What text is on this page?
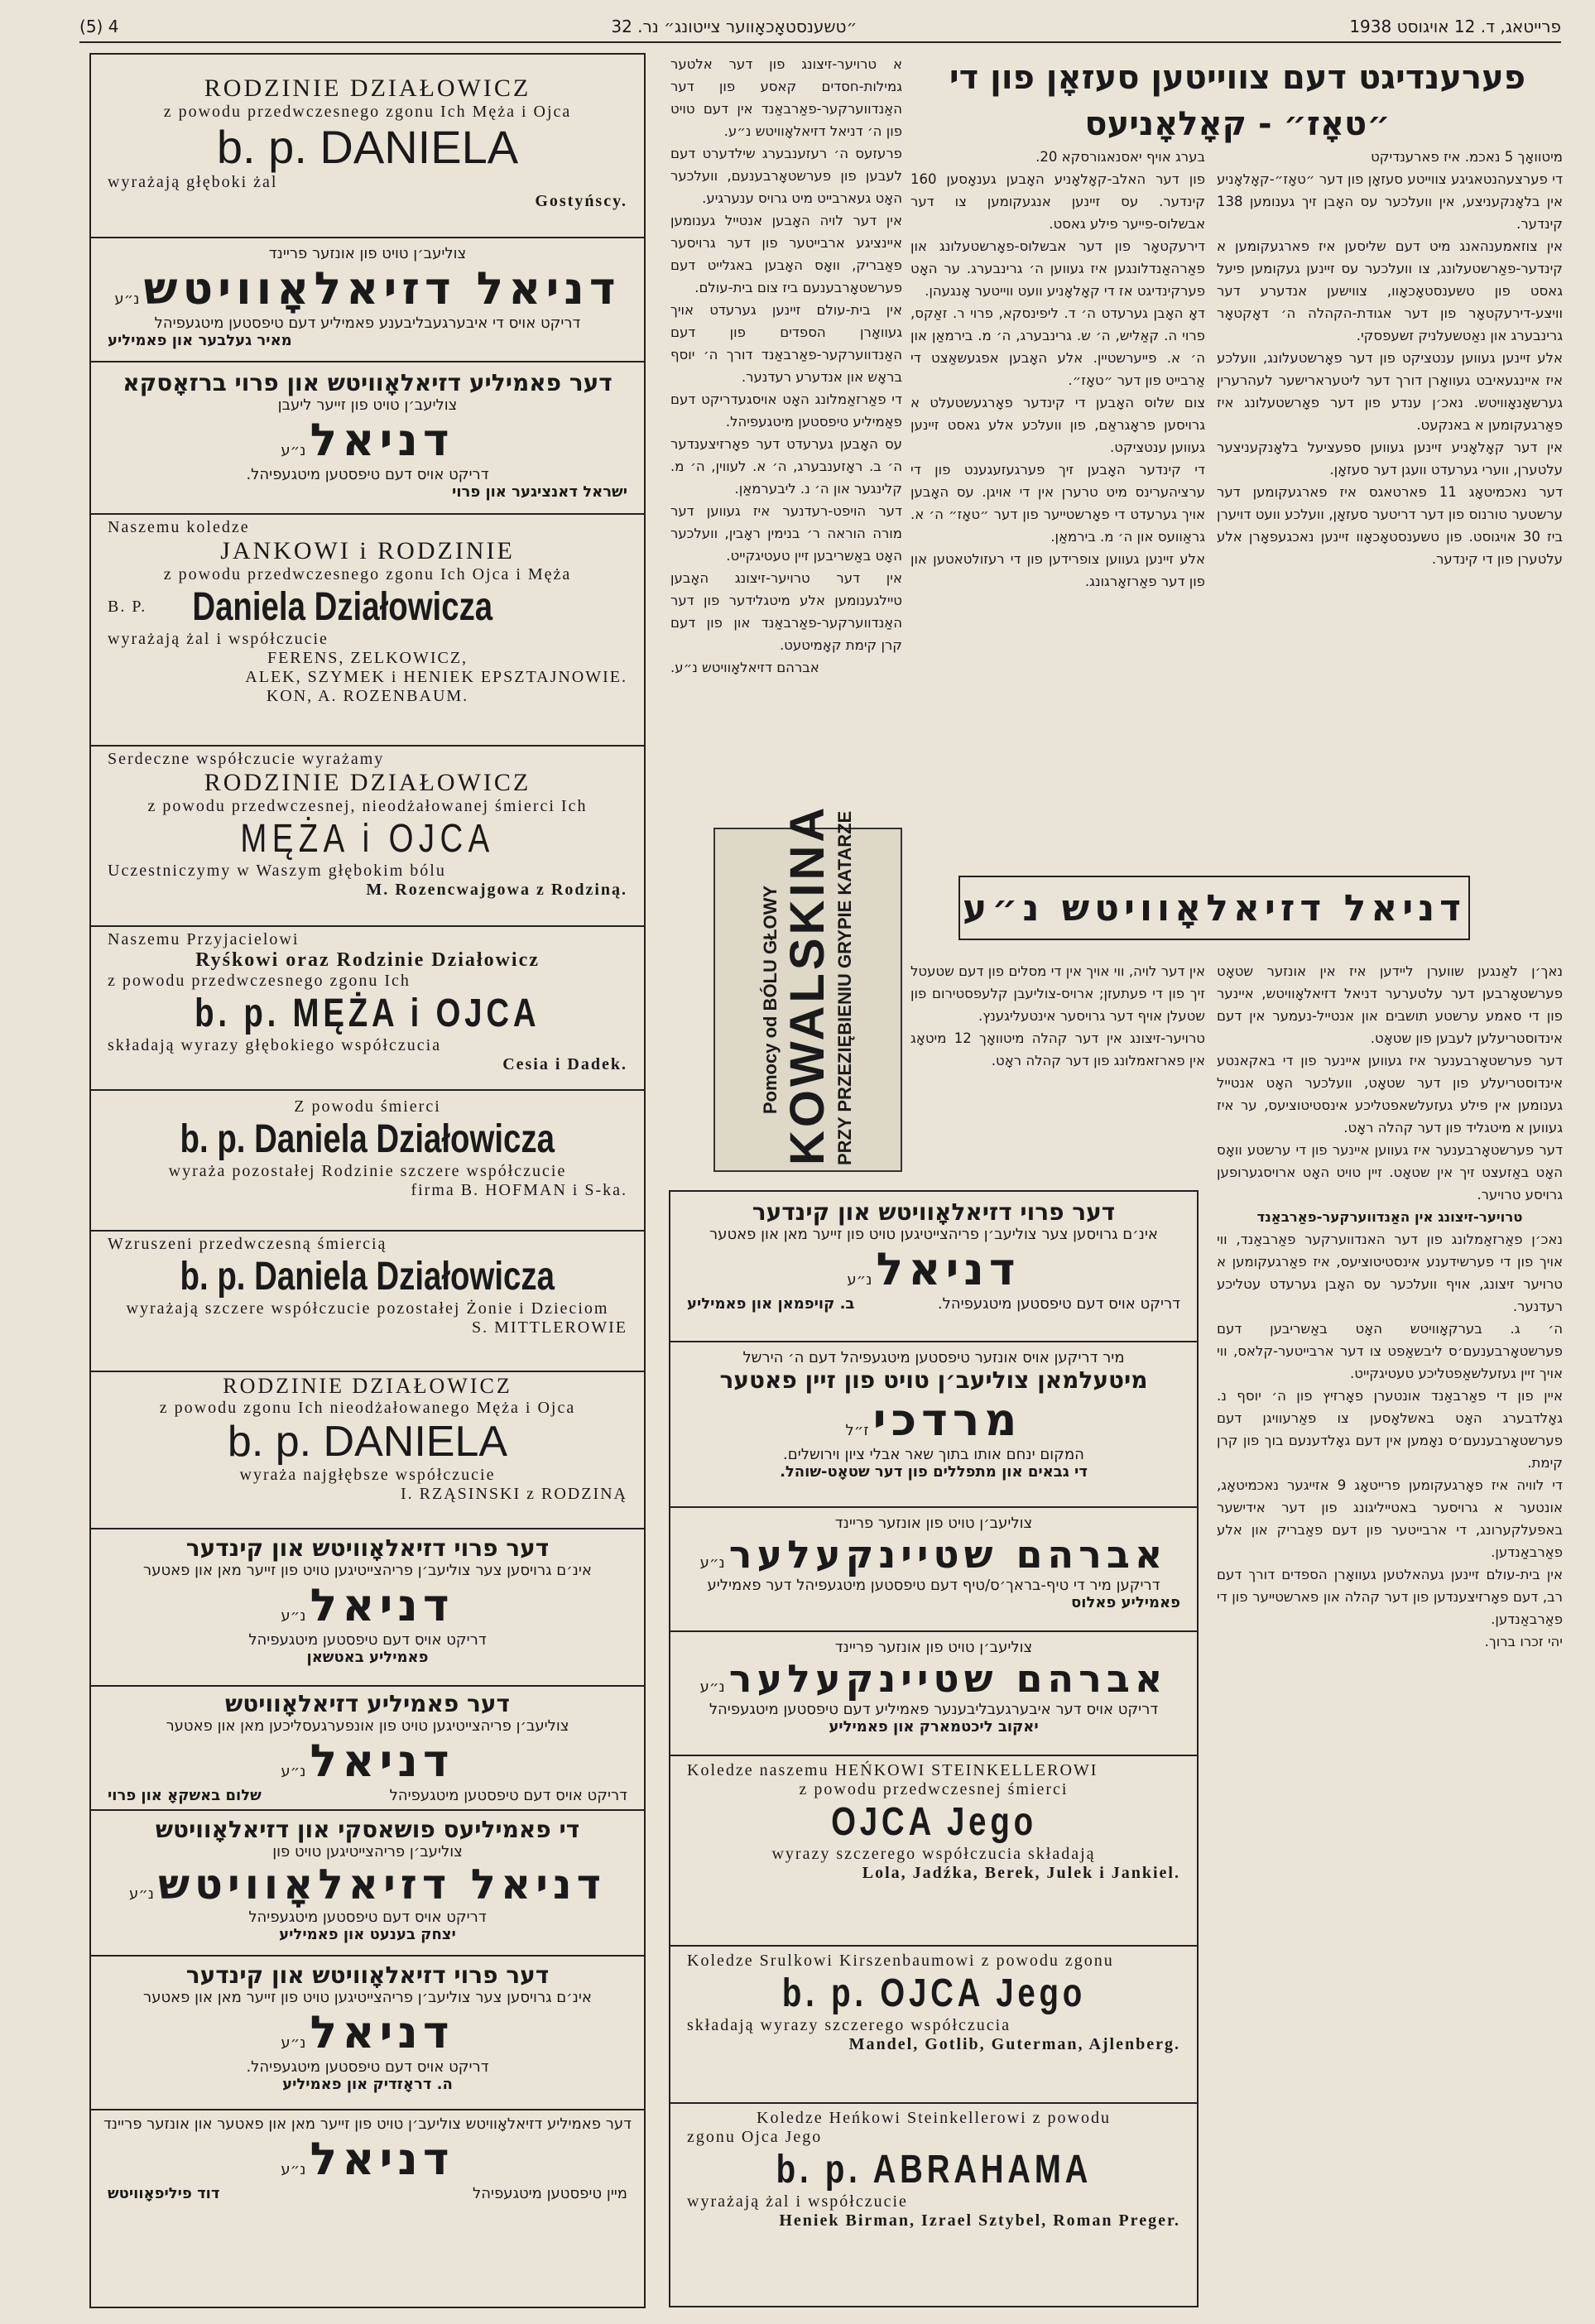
פרייטאג, ד. 12 אויגוסט 1938
״טשענסטאָכאָווער צייטונג״ נר. 32
(5) 4
RODZINIE DZIAŁOWICZ
z powodu przedwczesnego zgonu Ich Męża i Ojca
b. p. DANIELA
wyrażają głęboki żal
Gostyńscy.
צוליעב׳ן טויט פון אונזער פריינד
דניאל דזיאלאָוויטש נ״ע
דריקט אויס די איבערגעבליבענע פאמיליע דעם טיפסטען מיטגעפיהל
מאיר געלבער און פאמיליע
דער פאמיליע דזיאלאָוויטש און פרוי ברזאָסקא
צוליעב׳ן טויט פון זייער ליעבן
דניאל נ״ע
דריקט אויס דעם טיפסטען מיטגעפיהל.
ישראל דאנציגער און פרוי
Naszemu koledze
JANKOWI i RODZINIE
z powodu przedwczesnego zgonu Ich Ojca i Męża
B. P. Daniela Działowicza
wyrażają żal i współczucie
FERENS, ZELKOWICZ,
ALEK, SZYMEK i HENIEK EPSZTAJNOWIE.
KON, A. ROZENBAUM.
Serdeczne współczucie wyrażamy
RODZINIE DZIAŁOWICZ
z powodu przedwczesnej, nieodżałowanej śmierci Ich
MĘŻA i OJCA
Uczestniczymy w Waszym głębokim bólu
M. Rozencwajgowa z Rodziną.
Naszemu Przyjacielowi
Ryśkowi oraz Rodzinie Działowicz
z powodu przedwczesnego zgonu Ich
b. p. MĘŻA i OJCA
składają wyrazy głębokiego współczucia
Cesia i Dadek.
Z powodu śmierci
b. p. Daniela Działowicza
wyraża pozostałej Rodzinie szczere współczucie
firma B. HOFMAN i S-ka.
Wzruszeni przedwczesną śmiercią
b. p. Daniela Działowicza
wyrażają szczere współczucie pozostałej Żonie i Dzieciom
S. MITTLEROWIE
RODZINIE DZIAŁOWICZ
z powodu zgonu Ich nieodżałowanego Męża i Ojca
b. p. DANIELA
wyraża najgłębsze współczucie
I. RZĄSINSKI z RODZINĄ
דער פרוי דזיאלאָוויטש און קינדער
אינ׳ם גרויסען צער צוליעב׳ן פריהצייטיגען טויט פון זייער מאן און פאטער
דניאל נ״ע
דריקט אויס דעם טיפסטען מיטגעפיהל
פאמיליע באטשאן
דער פאמיליע דזיאלאָוויטש
צוליעב׳ן פריהצייטיגען טויט פון אונפערגעסליכען מאן און פאטער
דניאל נ״ע
דריקט אויס דעם טיפסטען מיטגעפיהל
שלום באשקאָ און פרוי
די פאמיליעס פושאסקי און דזיאלאָוויטש
צוליעב׳ן פריהצייטיגען טויט פון
דניאל דזיאלאָוויטש נ״ע
דריקט אויס דעם טיפסטען מיטגעפיהל
יצחק בענעט און פאמיליע
דער פרוי דזיאלאָוויטש און קינדער
אינ׳ם גרויסען צער צוליעב׳ן פריהצייטיגען טויט פון זייער מאן און פאטער
דניאל נ״ע
דריקט אויס דעם טיפסטען מיטגעפיהל.
ה. דראָזדיק און פאמיליע
דער פאמיליע דזיאלאָוויטש צוליעב׳ן טויט פון זייער מאן און פאטער און אונזער פריינד
דניאל נ״ע
מיין טיפסטען מיטגעפיהל
דוד פיליפאָוויטש
פערענדיגט דעם צווייטען סעזאָן פון די
״טאָז״ - קאָלאָניעס

מיטוואָך 5 נאכמ. איז פארענדיקט

די פערצעהנטאגיגע צווייטע סעזאָן פון דער ״טאָז״-קאָלאָניע אין בלאָנקעניצע, אין וועלכער עס האָבן זיך גענומען 138 קינדער.

אין צוזאמענהאנג מיט דעם שליסען איז פארגעקומען א קינדער-פאַרשטעלונג, צו וועלכער עס זיינען געקומען פיעל גאסט פון טשענסטאָכאָוו, צווישען אנדערע דער וויצע-דירעקטאָר פון דער אגודת-הקהלה ה׳ דאָקטאָר גרינבערג און נאַטשעלניק זשעפסקי.

אלע זיינען געווען ענטציקט פון דער פאָרשטעלונג, וועלכע איז איינגעאיבט געוואָרן דורך דער ליטערארישער לעהרערין גערשאָנאָוויטש. נאכ׳ן ענדע פון דער פאָרשטעלונג איז פאַרגעקומען א באנקעט.

אין דער קאָלאָניע זיינען געווען ספעציעל בלאָנקעניצער עלטערן, ווערי גערעדט וועגן דער סעזאָן.

דער נאכמיטאָג 11 פארטאגס איז פארגעקומען דער ערשטער טורנוס פון דער דריטער סעזאָן, וועלכע וועט דויערן ביז 30 אויגוסט. פון טשענסטאָכאָוו זיינען נאכגעפאָרן אלע עלטערן פון די קינדער.

בערג אויף יאסנאגורסקא 20.

פון דער האלב-קאָלאָניע האָבען גענאָסען 160 קינדער. עס זיינען אנגעקומען צו דער אבשלוס-פייער פילע גאסט.

דירעקטאָר פון דער אבשלוס-פאָרשטעלונג און פאַרהאַנדלונגען איז געווען ה׳ גרינבערג. ער האָט פערקינדיגט אז די קאָלאָניע וועט ווייטער אָנגעהן.

דאָ האָבן גערעדט ה׳ ד. ליפינסקא, פרוי ר. זאַקס, פרוי ה. קאַליש, ה׳ ש. גרינבערג, ה׳ מ. בירמאַן און ה׳ א. פייערשטיין. אלע האָבען אפגעשאַצט די אַרבייט פון דער ״טאָז״.

צום שלוס האָבען די קינדער פאָרגעשטעלט א גרויסען פראָגראַם, פון וועלכע אלע גאסט זיינען געווען ענטציקט.

די קינדער האָבען זיך פערגעזעגענט פון די ערציהערינס מיט טרערן אין די אויגן. עס האָבען אויך גערעדט די פאָרשטייער פון דער ״טאָז״ ה׳ א. גראַוועס און ה׳ מ. בירמאַן.

אלע זיינען געווען צופרידען פון די רעזולטאטען און פון דער פאַרזאָרגונג.

א טרויער-זיצונג פון דער אלטער גמילות-חסדים קאסע פון דער האַנדווערקער-פאַרבאַנד אין דעם טויט פון ה׳ דניאל דזיאלאָוויטש נ״ע.

פרעזעס ה׳ רעזענבערג שילדערט דעם לעבען פון פערשטאָרבענעם, וועלכער האָט געארבייט מיט גרויס ענערגיע.

אין דער לויה האָבען אנטייל גענומען איינציגע ארבייטער פון דער גרויסער פאַבריק, וואָס האָבען באגלייט דעם פערשטאָרבענעם ביז צום בית-עולם.

אין בית-עולם זיינען גערעדט אויך געוואָרן הספדים פון דעם האַנדווערקער-פאַרבאַנד דורך ה׳ יוסף בראָש און אנדערע רעדנער.

די פאַרזאַמלונג האָט אויסגעדריקט דעם פאַמיליע טיפסטען מיטגעפיהל.

עס האָבען גערעדט דער פאָרזיצענדער ה׳ ב. ראָזענבערג, ה׳ א. לעווין, ה׳ מ. קלינגער און ה׳ נ. ליבערמאַן.

דער הויפט-רעדנער איז געווען דער מורה הוראה ר׳ בנימין ראָבין, וועלכער האָט באַשריבען זיין טעטיגקייט.

אין דער טרויער-זיצונג האָבען טיילגענומען אלע מיטגלידער פון דער האַנדווערקער-פאַרבאַנד און פון דעם קרן קימת קאָמיטעט.

אברהם דזיאלאָוויטש נ״ע.

Pomocy od BÓLU GŁOWY KOWALSKINA PRZY PRZEZIĘBIENIU GRYPIE KATARZE	דניאל דזיאלאָוויטש נ״ע

אין דער לויה, ווי אויך אין די מסלים פון דעם שטעטל זיך פון די פעתעזן; ארויס-צוליעבן קלעפסטירום פון שטעלן אויף דער גרויסער אינטעליגענץ.

טרויער-זיצונג אין דער קהלה מיטוואָך 12 מיטאָג אין פארזאמלונג פון דער קהלה ראָט.

נאך׳ן לאַנגען שווערן ליידען איז אין אונזער שטאָט פערשטאָרבען דער עלטערער דניאל דזיאלאָוויטש, איינער פון די סאמע ערשטע תושבים און אנטייל-נעמער אין דעם אינדוסטריעלען לעבען פון שטאָט.

דער פערשטאָרבענער איז געווען איינער פון די באקאנטע אינדוסטריעלע פון דער שטאָט, וועלכער האָט אנטייל גענומען אין פילע געזעלשאפטליכע אינסטיטוציעס, ער איז געווען א מיטגליד פון דער קהלה ראָט.

דער פערשטאָרבענער איז געווען איינער פון די ערשטע וואָס האָט באַזעצט זיך אין שטאָט. זיין טויט האָט ארויסגערופען גרויסע טרויער.

טרויער-זיצונג אין האַנדווערקער-פאַרבאַנד

נאכ׳ן פאַרזאַמלונג פון דער האנדווערקער פאַרבאַנד, ווי אויך פון די פערשידענע אינסטיטוציעס, איז פאַרגעקומען א טרויער זיצונג, אויף וועלכער עס האָבן גערעדט עטליכע רעדנער.

ה׳ ג. בערקאָוויטש האָט באַשריבען דעם פערשטאָרבענעם׳ס ליבשאַפט צו דער ארבייטער-קלאס, ווי אויך זיין געזעלשאַפטליכע טעטיגקייט.

איין פון די פאַרבאַנד אונטערן פאָרזיץ פון ה׳ יוסף נ. גאָלדבערג האָט באשלאָסען צו פאַרעוויגן דעם פערשטאָרבענעם׳ס נאָמען אין דעם גאָלדענעם בוך פון קרן קימת.

די לוויה איז פאָרגעקומען פרייטאָג 9 אזייגער נאכמיטאָג, אונטער א גרויסער באטייליגונג פון דער אידישער באפעלקערונג, די ארבייטער פון דעם פאַבריק און אלע פאַרבאַנדען.

אין בית-עולם זיינען געהאלטען געוואָרן הספדים דורך דעם רב, דעם פאָרזיצענדען פון דער קהלה און פארשטייער פון די פאַרבאַנדען.

יהי זכרו ברוך.

דער פרוי דזיאלאָוויטש און קינדער
אינ׳ם גרויסען צער צוליעב׳ן פריהצייטיגען טויט פון זייער מאן און פאטער
דניאל נ״ע
דריקט אויס דעם טיפסטען מיטגעפיהל.
ב. קויפמאן און פאמיליע
מיר דריקען אויס אונזער טיפסטען מיטגעפיהל דעם ה׳ הירשל
מיטעלמאן צוליעב׳ן טויט פון זיין פאטער
מרדכי ז״ל
המקום ינחם אותו בתוך שאר אבלי ציון וירושלים.
די גבאים און מתפללים פון דער שטאָט-שוהל.
צוליעב׳ן טויט פון אונזער פריינד
אברהם שטיינקעלער נ״ע
דריקען מיר די טיף-בראך׳ס/טיף דעם טיפסטען מיטגעפיהל דער פאמיליע
פאמיליע פאלוס
צוליעב׳ן טויט פון אונזער פריינד
אברהם שטיינקעלער נ״ע
דריקט אויס דער איבערגעבליבענער פאמיליע דעם טיפסטען מיטגעפיהל
יאקוב ליכטמארק און פאמיליע
Koledze naszemu HEŃKOWI STEINKELLEROWI
z powodu przedwczesnej śmierci
OJCA Jego
wyrazy szczerego współczucia składają
Lola, Jadźka, Berek, Julek i Jankiel.
Koledze Srulkowi Kirszenbaumowi z powodu zgonu
b. p. OJCA Jego
składają wyrazy szczerego współczucia
Mandel, Gotlib, Guterman, Ajlenberg.
Koledze Heńkowi Steinkellerowi z powodu
zgonu Ojca Jego
b. p. ABRAHAMA
wyrażają żal i współczucie
Heniek Birman, Izrael Sztybel, Roman Preger.
